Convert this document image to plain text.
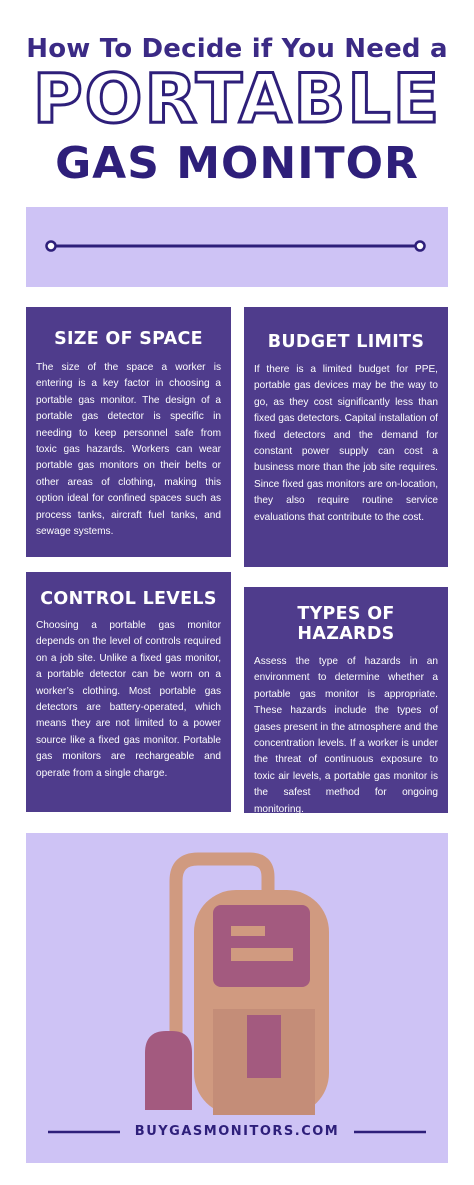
How To Decide if You Need a
PORTABLE
GAS MONITOR
SIZE OF SPACE

The size of the space a worker is entering is a key factor in choosing a portable gas monitor. The design of a portable gas detector is specific in needing to keep personnel safe from toxic gas hazards. Workers can wear portable gas monitors on their belts or other areas of clothing, making this option ideal for confined spaces such as process tanks, aircraft fuel tanks, and sewage systems.

BUDGET LIMITS

If there is a limited budget for PPE, portable gas devices may be the way to go, as they cost significantly less than fixed gas detectors. Capital installation of fixed detectors and the demand for constant power supply can cost a business more than the job site requires. Since fixed gas monitors are on-location, they also require routine service evaluations that contribute to the cost.

CONTROL LEVELS

Choosing a portable gas monitor depends on the level of controls required on a job site. Unlike a fixed gas monitor, a portable detector can be worn on a worker’s clothing. Most portable gas detectors are battery-operated, which means they are not limited to a power source like a fixed gas monitor. Portable gas monitors are rechargeable and operate from a single charge.

TYPES OF HAZARDS

Assess the type of hazards in an environment to determine whether a portable gas monitor is appropriate. These hazards include the types of gases present in the atmosphere and the concentration levels. If a worker is under the threat of continuous exposure to toxic air levels, a portable gas monitor is the safest method for ongoing monitoring.

BUYGASMONITORS.COM
